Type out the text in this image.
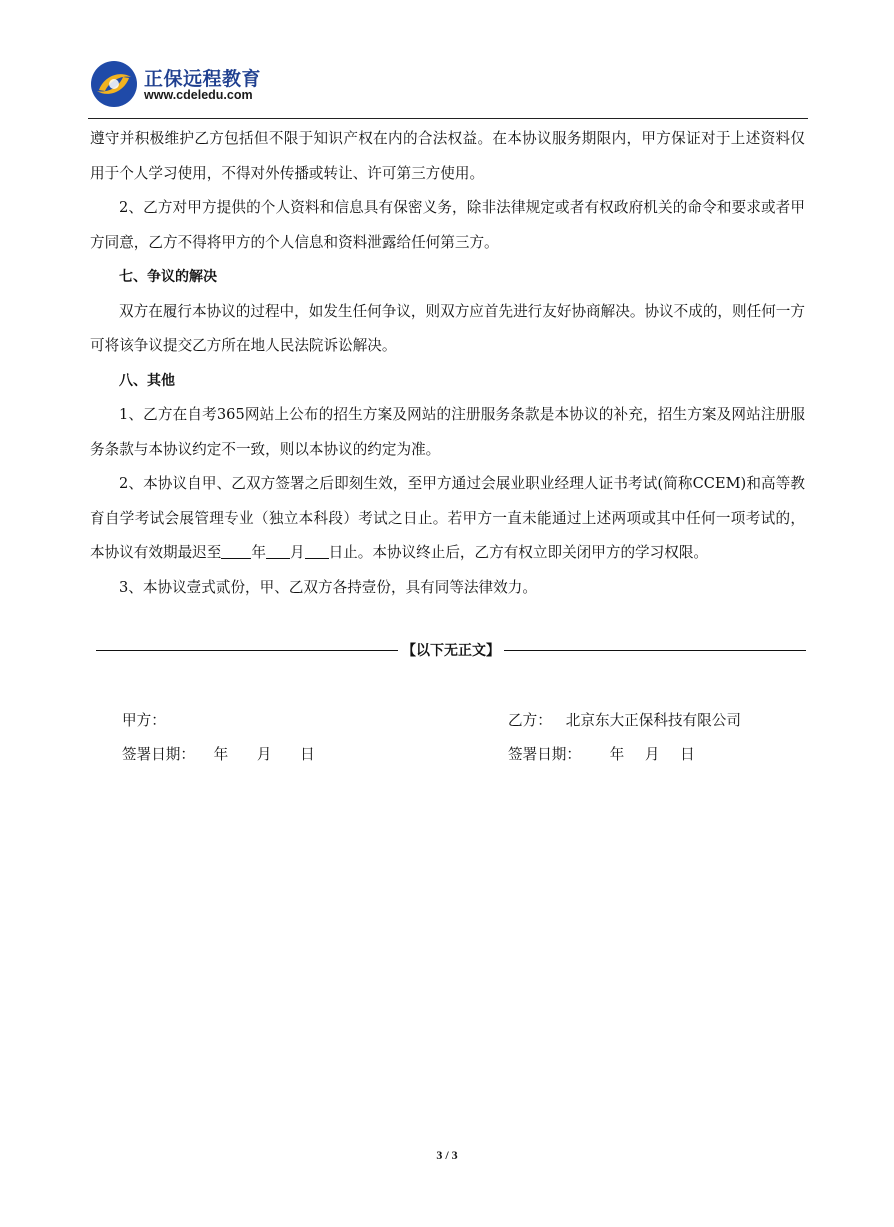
正保远程教育
www.cdeledu.com

遵守并积极维护乙方包括但不限于知识产权在内的合法权益。在本协议服务期限内，甲方保证对于上述资料仅用于个人学习使用，不得对外传播或转让、许可第三方使用。

2、乙方对甲方提供的个人资料和信息具有保密义务，除非法律规定或者有权政府机关的命令和要求或者甲方同意，乙方不得将甲方的个人信息和资料泄露给任何第三方。

七、争议的解决

双方在履行本协议的过程中，如发生任何争议，则双方应首先进行友好协商解决。协议不成的，则任何一方可将该争议提交乙方所在地人民法院诉讼解决。

八、其他

1、乙方在自考365网站上公布的招生方案及网站的注册服务条款是本协议的补充，招生方案及网站注册服务条款与本协议约定不一致，则以本协议的约定为准。

2、本协议自甲、乙双方签署之后即刻生效，至甲方通过会展业职业经理人证书考试(简称CCEM)和高等教育自学考试会展管理专业（独立本科段）考试之日止。若甲方一直未能通过上述两项或其中任何一项考试的，本协议有效期最迟至 年 月 日止。本协议终止后，乙方有权立即关闭甲方的学习权限。

3、本协议壹式贰份，甲、乙双方各持壹份，具有同等法律效力。

【以下无正文】
甲方：	乙方： 北京东大正保科技有限公司
签署日期： 年 月 日	签署日期： 年 月 日
3 / 3
